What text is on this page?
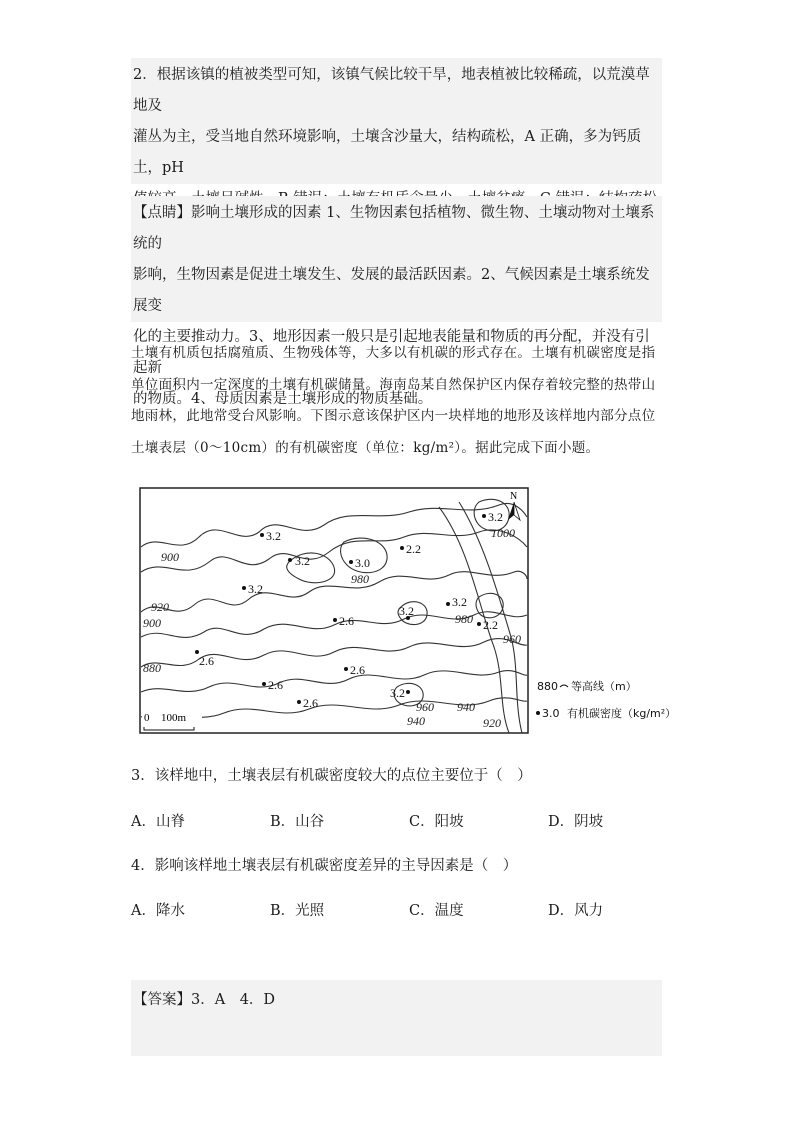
2．根据该镇的植被类型可知，该镇气候比较干旱，地表植被比较稀疏，以荒漠草地及
灌丛为主，受当地自然环境影响，土壤含沙量大，结构疏松，A 正确，多为钙质土，pH
【点睛】影响土壤形成的因素 1、生物因素包括植物、微生物、土壤动物对土壤系统的
影响，生物因素是促进土壤发生、发展的最活跃因素。2、气候因素是土壤系统发展变
化的主要推动力。3、地形因素一般只是引起地表能量和物质的再分配，并没有引起新
的物质。4、母质因素是土壤形成的物质基础。
土壤有机质包括腐殖质、生物残体等，大多以有机碳的形式存在。土壤有机碳密度是指
单位面积内一定深度的土壤有机碳储量。海南岛某自然保护区内保存着较完整的热带山
地雨林，此地常受台风影响。下图示意该保护区内一块样地的地形及该样地内部分点位
土壤表层（0～10cm）的有机碳密度（单位：kg/m²）。据此完成下面小题。
900
920
900
880
980
960
940	920
1000
980
960
940
3.2
3.2
3.2
3.2
3.0
2.2
3.2
3.2
2.2
2.6
2.6
2.6
2.6
2.6
3.2
N
0 100m
880 等高线（m）
3.0 有机碳密度（kg/m²）
3．该样地中，土壤表层有机碳密度较大的点位主要位于（　）
A．山脊	B．山谷	C．阳坡	D．阴坡
4．影响该样地土壤表层有机碳密度差异的主导因素是（　）
A．降水	B．光照	C．温度	D．风力
【答案】3．A　4．D
